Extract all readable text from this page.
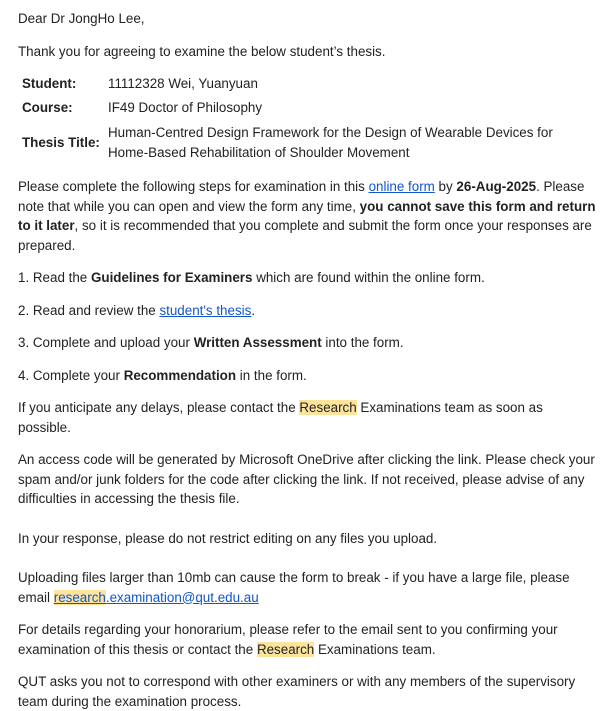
Dear Dr JongHo Lee,

Thank you for agreeing to examine the below student’s thesis.

Student:	11112328 Wei, Yuanyuan
Course:	IF49 Doctor of Philosophy
Thesis Title:	Human-Centred Design Framework for the Design of Wearable Devices for Home-Based Rehabilitation of Shoulder Movement

Please complete the following steps for examination in this online form by 26-Aug-2025. Please note that while you can open and view the form any time, you cannot save this form and return to it later, so it is recommended that you complete and submit the form once your responses are prepared.

1. Read the Guidelines for Examiners which are found within the online form.

2. Read and review the student's thesis.

3. Complete and upload your Written Assessment into the form.

4. Complete your Recommendation in the form.

If you anticipate any delays, please contact the Research Examinations team as soon as possible.

An access code will be generated by Microsoft OneDrive after clicking the link. Please check your spam and/or junk folders for the code after clicking the link. If not received, please advise of any difficulties in accessing the thesis file.

In your response, please do not restrict editing on any files you upload.

Uploading files larger than 10mb can cause the form to break - if you have a large file, please email research.examination@qut.edu.au

For details regarding your honorarium, please refer to the email sent to you confirming your examination of this thesis or contact the Research Examinations team.

QUT asks you not to correspond with other examiners or with any members of the supervisory team during the examination process.
